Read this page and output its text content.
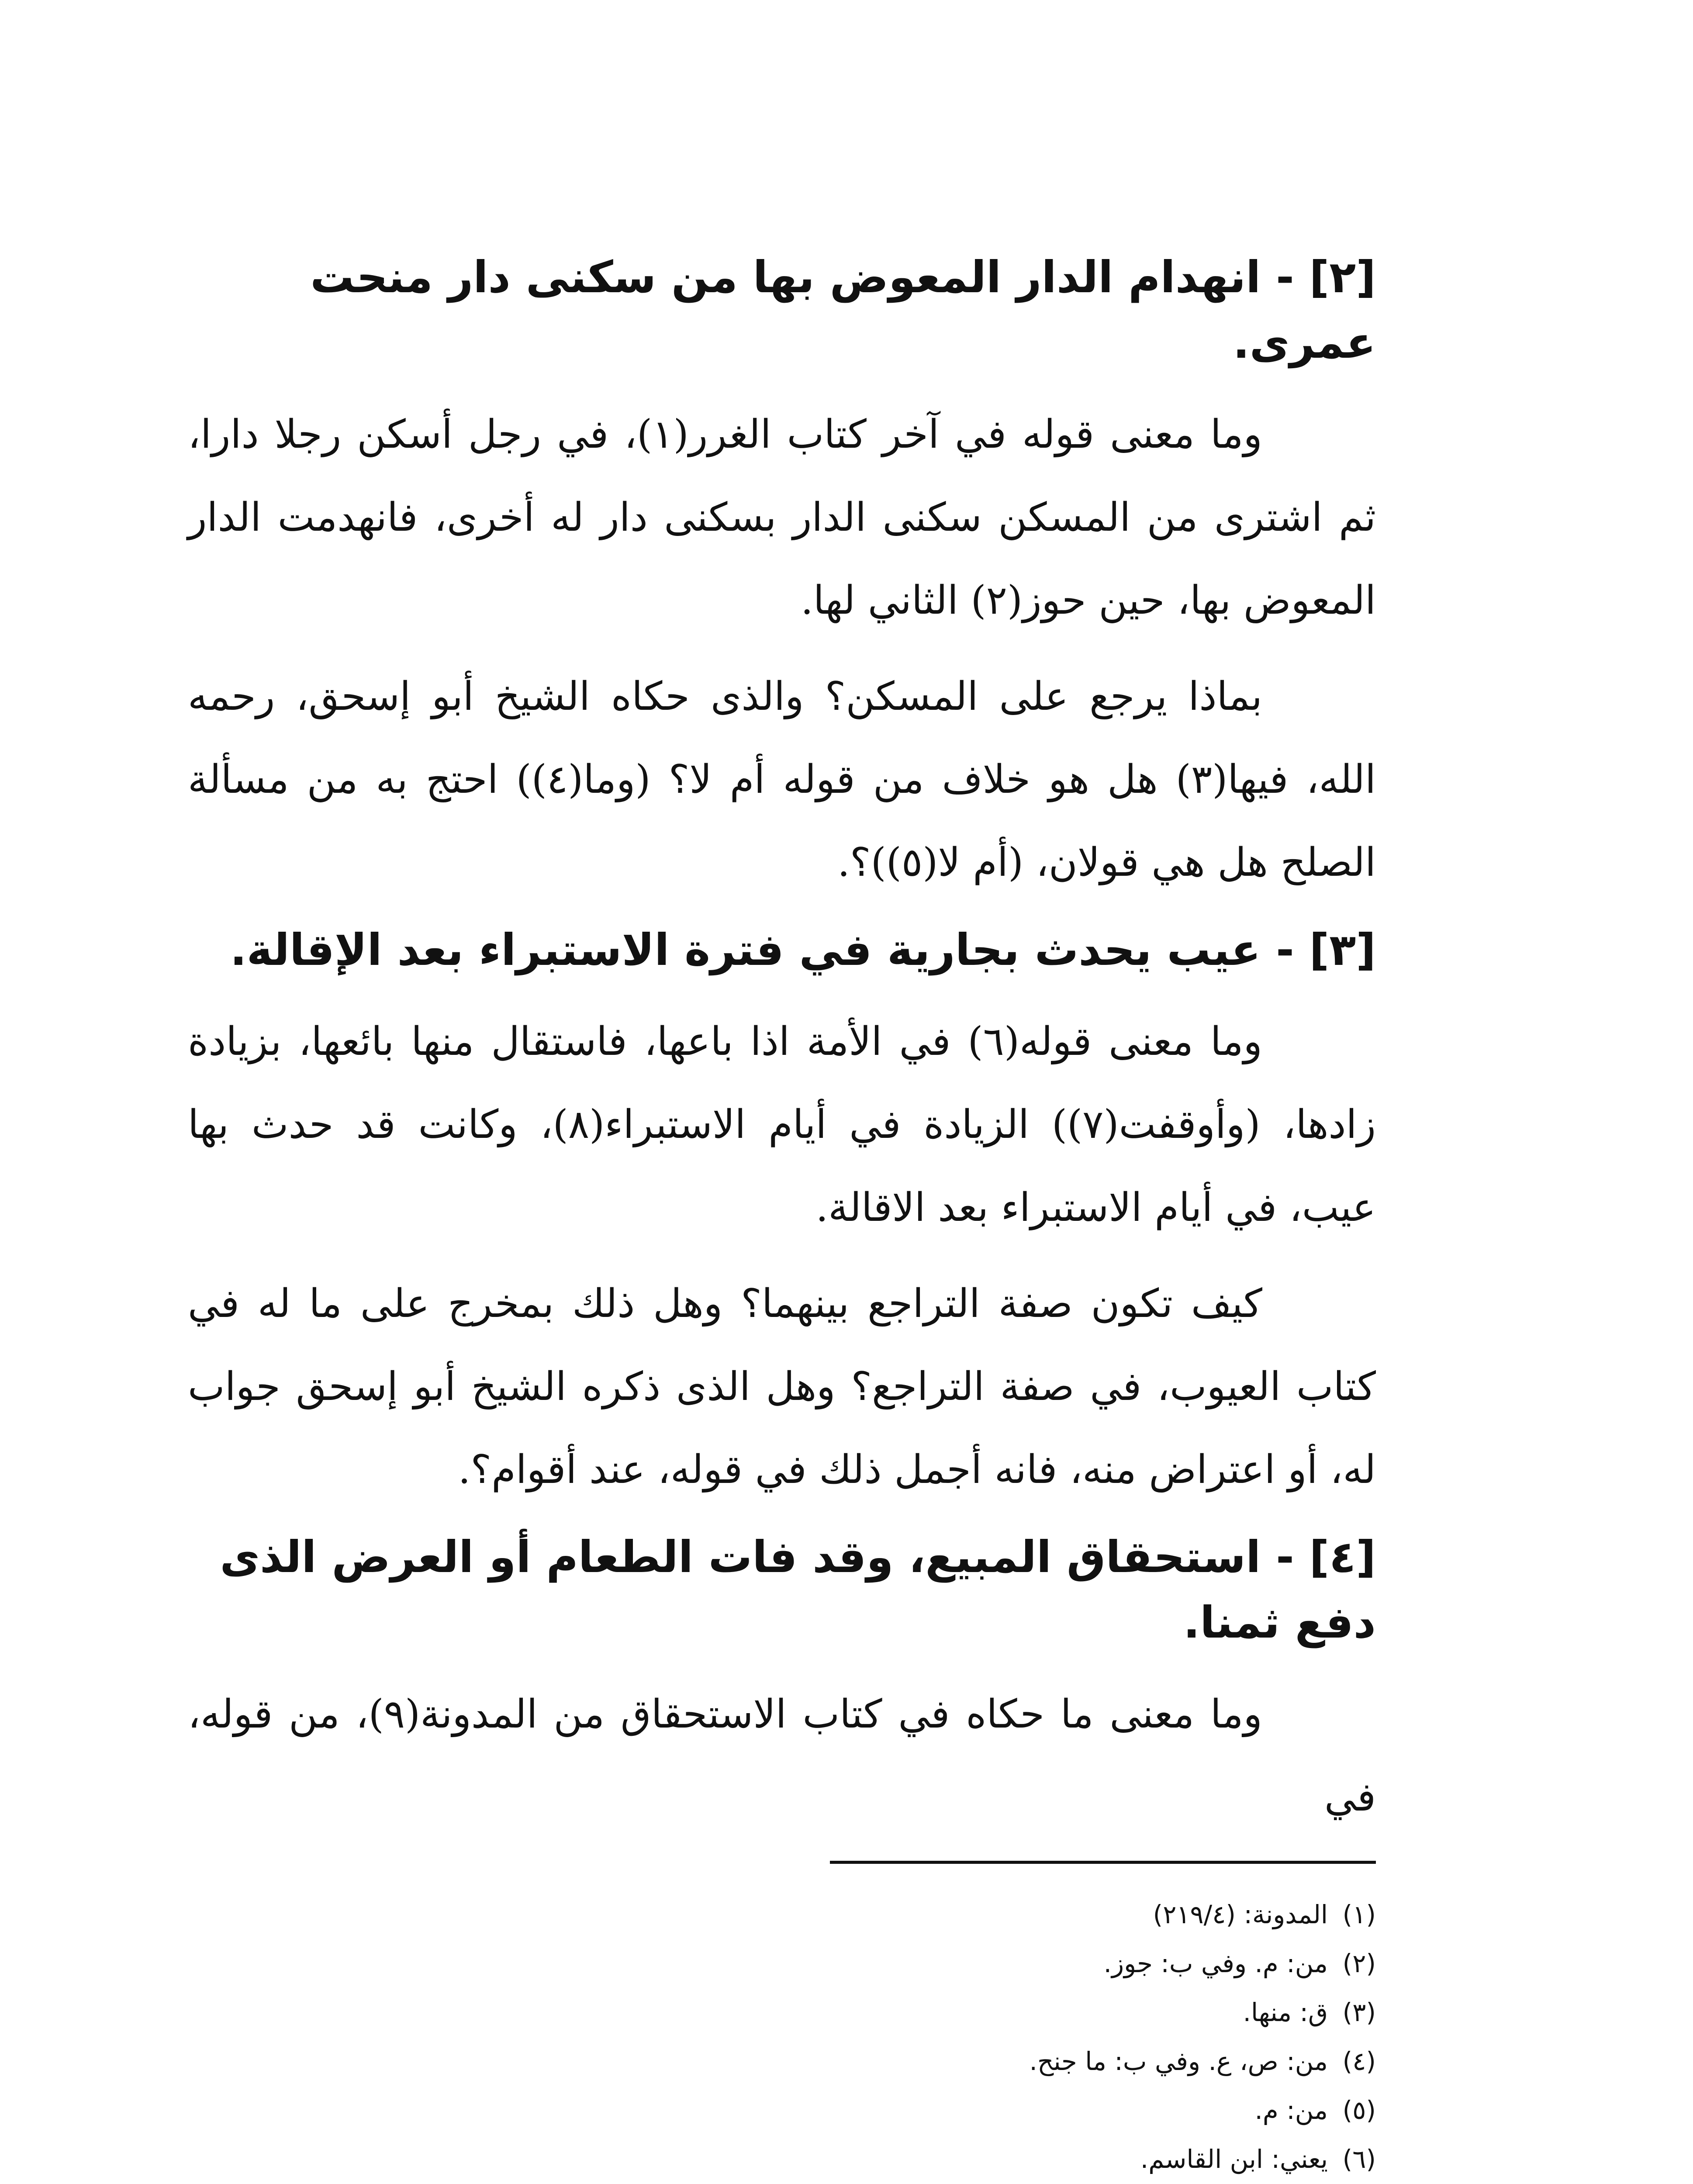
[٢] - انهدام الدار المعوض بها من سكنى دار منحت عمرى.

وما معنى قوله في آخر كتاب الغرر(١)، في رجل أسكن رجلا دارا، ثم اشترى من المسكن سكنى الدار بسكنى دار له أخرى، فانهدمت الدار المعوض بها، حين حوز(٢) الثاني لها.

بماذا يرجع على المسكن؟ والذى حكاه الشيخ أبو إسحق، رحمه الله، فيها(٣) هل هو خلاف من قوله أم لا؟ (وما(٤)) احتج به من مسألة الصلح هل هي قولان، (أم لا(٥))؟.

[٣] - عيب يحدث بجارية في فترة الاستبراء بعد الإقالة.

وما معنى قوله(٦) في الأمة اذا باعها، فاستقال منها بائعها، بزيادة زادها، (وأوقفت(٧)) الزيادة في أيام الاستبراء(٨)، وكانت قد حدث بها عيب، في أيام الاستبراء بعد الاقالة.

كيف تكون صفة التراجع بينهما؟ وهل ذلك بمخرج على ما له في كتاب العيوب، في صفة التراجع؟ وهل الذى ذكره الشيخ أبو إسحق جواب له، أو اعتراض منه، فانه أجمل ذلك في قوله، عند أقوام؟.

[٤] - استحقاق المبيع، وقد فات الطعام أو العرض الذى دفع ثمنا.

وما معنى ما حكاه في كتاب الاستحقاق من المدونة(٩)، من قوله، في

(١)
المدونة: (٢١٩/٤)
(٢)
من: م. وفي ب: جوز.
(٣)
ق: منها.
(٤)
من: ص، ع. وفي ب: ما جنح.
(٥)
من: م.
(٦)
يعني: ابن القاسم.
